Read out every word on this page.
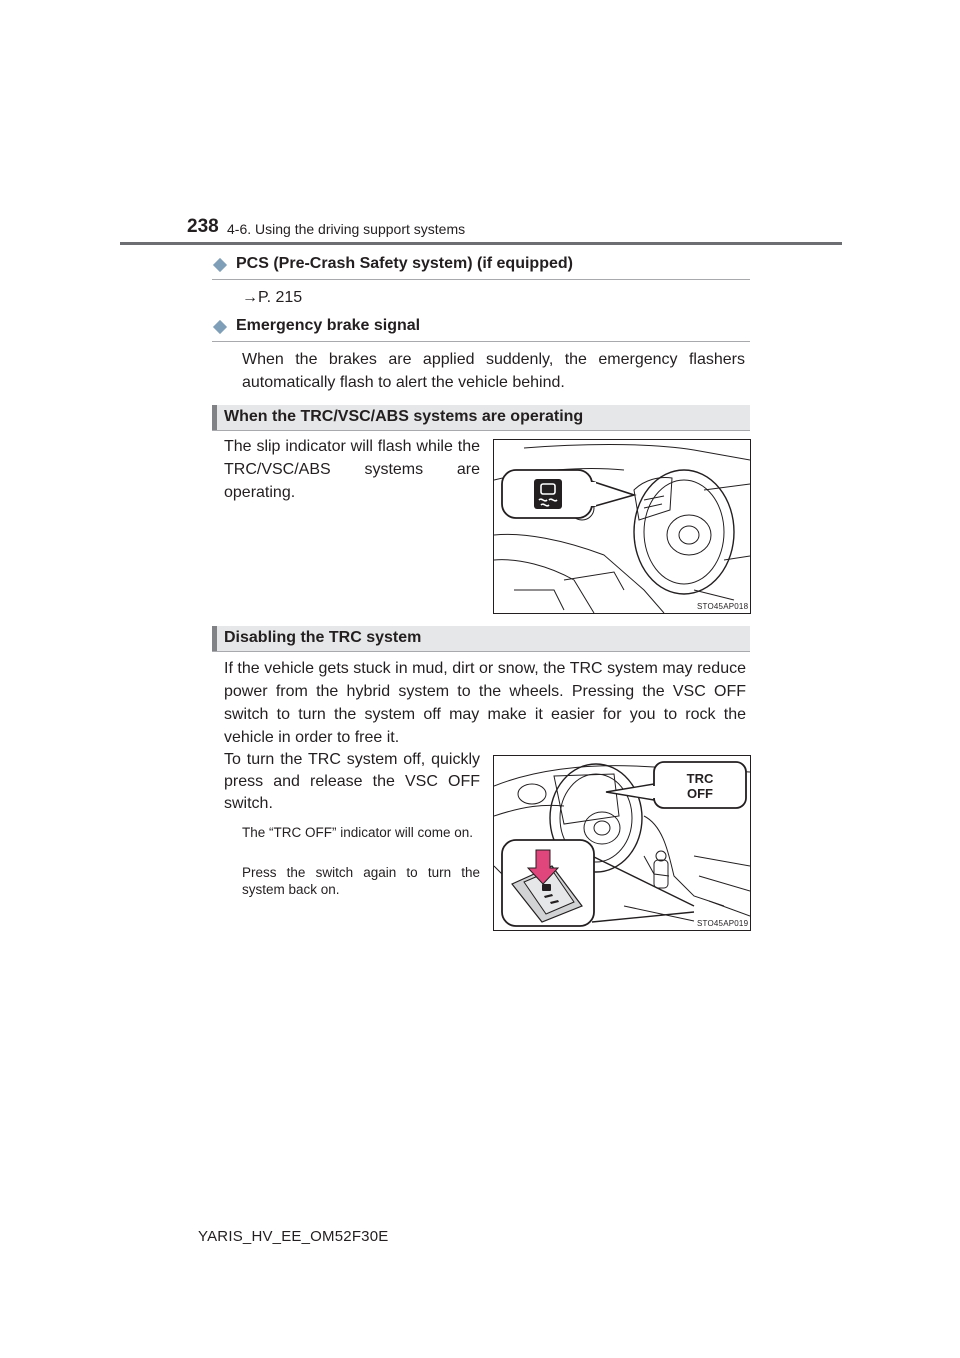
238 4-6. Using the driving support systems
PCS (Pre-Crash Safety system) (if equipped)
→P. 215
Emergency brake signal
When the brakes are applied suddenly, the emergency flashers automatically flash to alert the vehicle behind.
When the TRC/VSC/ABS systems are operating
The slip indicator will flash while the TRC/VSC/ABS systems are operating.
STO45AP018
Disabling the TRC system
If the vehicle gets stuck in mud, dirt or snow, the TRC system may reduce power from the hybrid system to the wheels. Pressing the VSC OFF switch to turn the system off may make it easier for you to rock the vehicle in order to free it.
To turn the TRC system off, quickly press and release the VSC OFF switch.
The “TRC OFF” indicator will come on.
Press the switch again to turn the system back on.
TRC
OFF
STO45AP019
YARIS_HV_EE_OM52F30E
